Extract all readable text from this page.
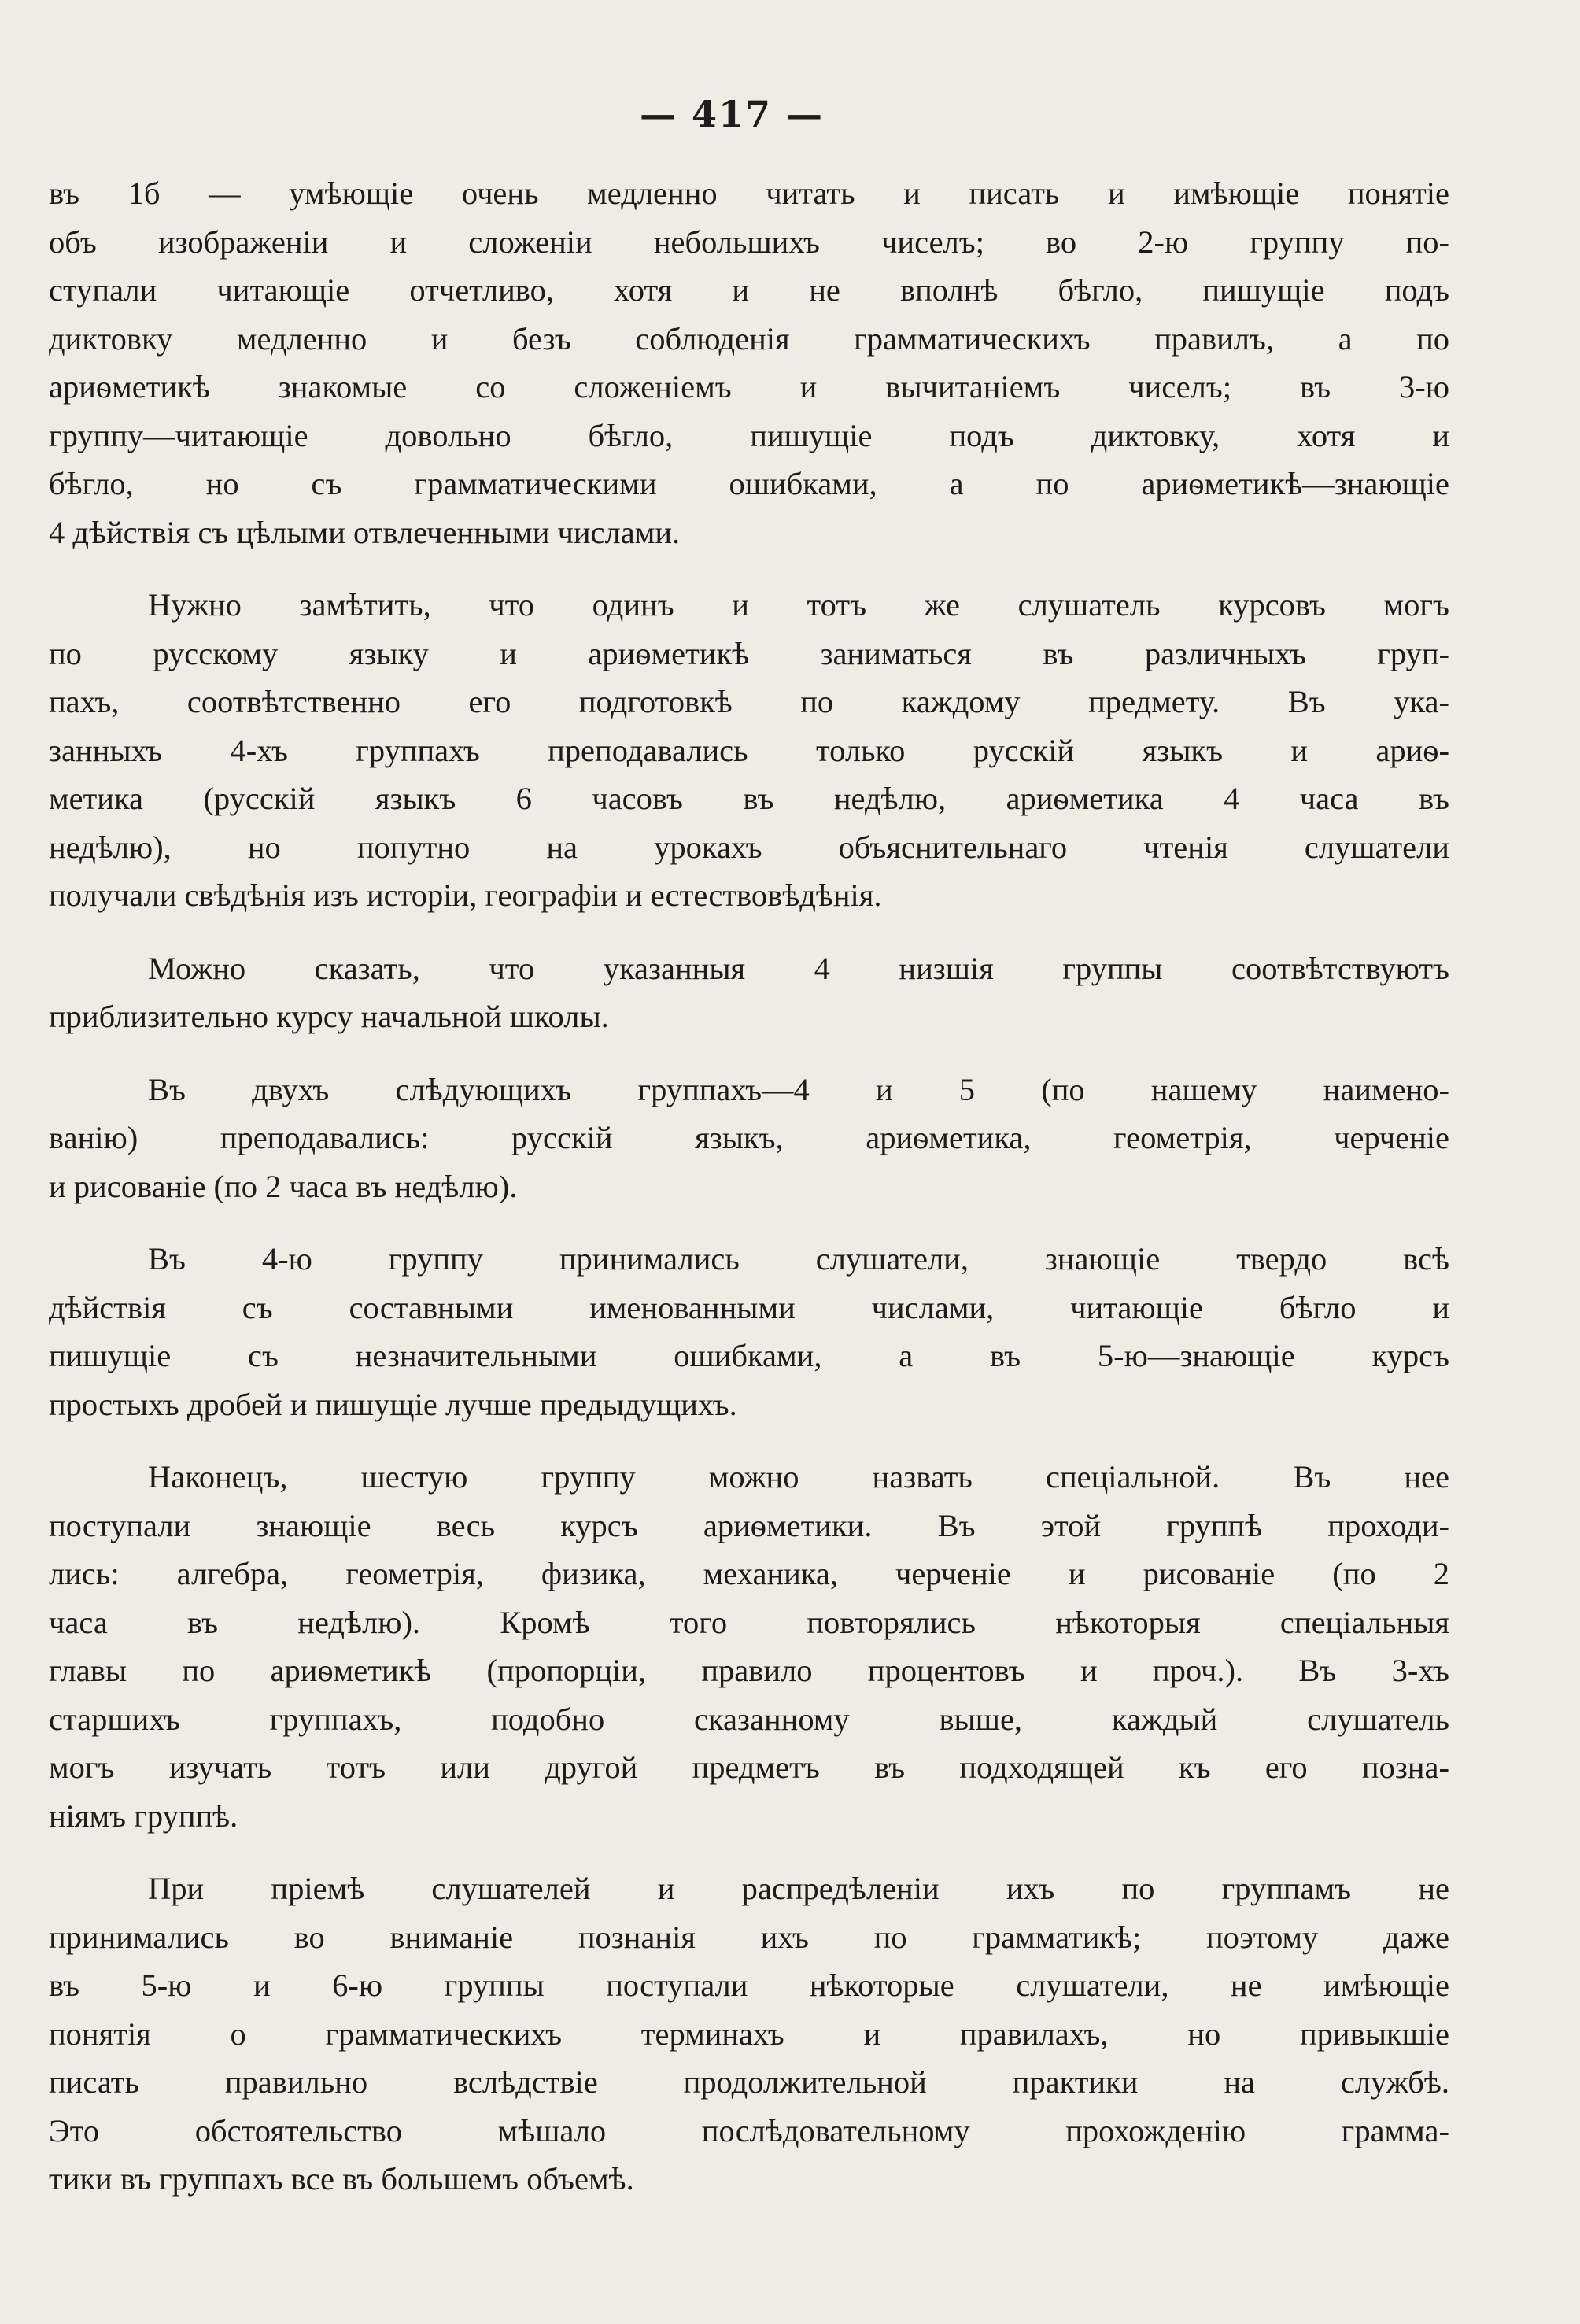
— 417 —

въ 1б — умѣющіе очень медленно читать и писать и имѣющіе понятіе
объ изображеніи и сложеніи небольшихъ чиселъ; во 2-ю группу по-
ступали читающіе отчетливо, хотя и не вполнѣ бѣгло, пишущіе подъ
диктовку медленно и безъ соблюденія грамматическихъ правилъ, а по
ариѳметикѣ знакомые со сложеніемъ и вычитаніемъ чиселъ; въ 3-ю
группу—читающіе довольно бѣгло, пишущіе подъ диктовку, хотя и
бѣгло, но съ грамматическими ошибками, а по ариѳметикѣ—знающіе
4 дѣйствія съ цѣлыми отвлеченными числами.

Нужно замѣтить, что одинъ и тотъ же слушатель курсовъ могъ
по русскому языку и ариѳметикѣ заниматься въ различныхъ груп-
пахъ, соотвѣтственно его подготовкѣ по каждому предмету. Въ ука-
занныхъ 4-хъ группахъ преподавались только русскій языкъ и ариѳ-
метика (русскій языкъ 6 часовъ въ недѣлю, ариѳметика 4 часа въ
недѣлю), но попутно на урокахъ объяснительнаго чтенія слушатели
получали свѣдѣнія изъ исторіи, географіи и естествовѣдѣнія.

Можно сказать, что указанныя 4 низшія группы соотвѣтствуютъ
приблизительно курсу начальной школы.

Въ двухъ слѣдующихъ группахъ—4 и 5 (по нашему наимено-
ванію) преподавались: русскій языкъ, ариѳметика, геометрія, черченіе
и рисованіе (по 2 часа въ недѣлю).

Въ 4-ю группу принимались слушатели, знающіе твердо всѣ
дѣйствія съ составными именованными числами, читающіе бѣгло и
пишущіе съ незначительными ошибками, а въ 5-ю—знающіе курсъ
простыхъ дробей и пишущіе лучше предыдущихъ.

Наконецъ, шестую группу можно назвать спеціальной. Въ нее
поступали знающіе весь курсъ ариѳметики. Въ этой группѣ проходи-
лись: алгебра, геометрія, физика, механика, черченіе и рисованіе (по 2
часа въ недѣлю). Кромѣ того повторялись нѣкоторыя спеціальныя
главы по ариѳметикѣ (пропорціи, правило процентовъ и проч.). Въ 3-хъ
старшихъ группахъ, подобно сказанному выше, каждый слушатель
могъ изучать тотъ или другой предметъ въ подходящей къ его позна-
ніямъ группѣ.

При пріемѣ слушателей и распредѣленіи ихъ по группамъ не
принимались во вниманіе познанія ихъ по грамматикѣ; поэтому даже
въ 5-ю и 6-ю группы поступали нѣкоторые слушатели, не имѣющіе
понятія о грамматическихъ терминахъ и правилахъ, но привыкшіе
писать правильно вслѣдствіе продолжительной практики на службѣ.
Это обстоятельство мѣшало послѣдовательному прохожденію грамма-
тики въ группахъ все въ большемъ объемѣ.
